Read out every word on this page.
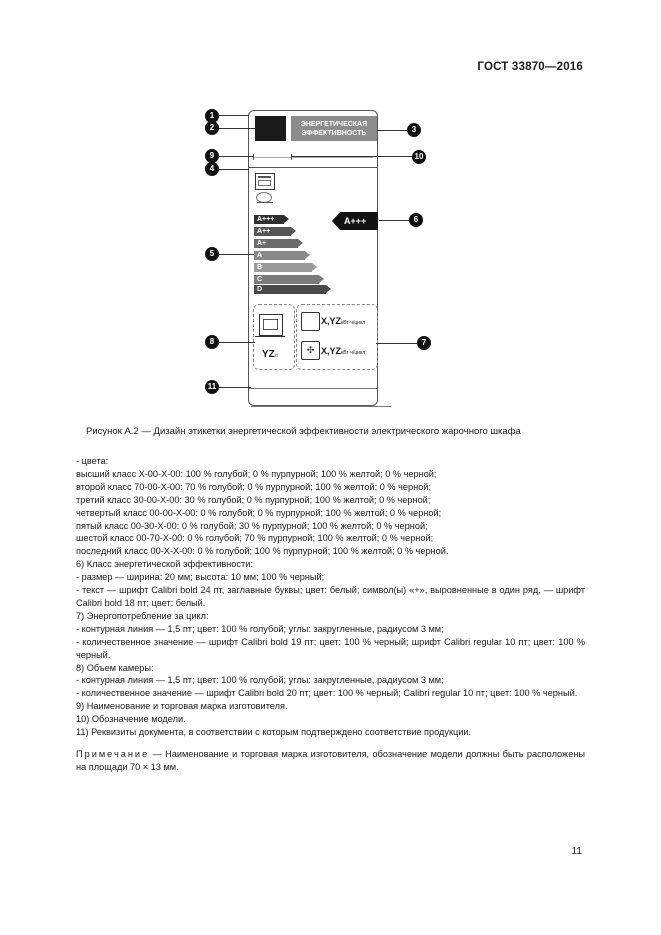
ГОСТ 33870—2016
ЭНЕРГЕТИЧЕСКАЯ
ЭФФЕКТИВНОСТЬ
A+++
A++
A+
A
B
C
D
A+++
YZл
X,YZкВт·ч/цикл
✣ X,YZкВт·ч/цикл
1
2	3
9	10
4
6
5
8	7
11
Рисунок А.2 — Дизайн этикетки энергетической эффективности электрического жарочного шкафа

- цвета:

высший класс Х-00-Х-00: 100 % голубой; 0 % пурпурной; 100 % желтой; 0 % черной;

второй класс 70-00-Х-00: 70 % голубой; 0 % пурпурной; 100 % желтой; 0 % черной;

третий класс 30-00-Х-00: 30 % голубой; 0 % пурпурной; 100 % желтой; 0 % черной;

четвертый класс 00-00-Х-00: 0 % голубой; 0 % пурпурной; 100 % желтой; 0 % черной;

пятый класс 00-30-Х-00: 0 % голубой; 30 % пурпурной; 100 % желтой; 0 % черной;

шестой класс 00-70-Х-00: 0 % голубой; 70 % пурпурной; 100 % желтой; 0 % черной;

последний класс 00-Х-Х-00: 0 % голубой; 100 % пурпурной; 100 % желтой; 0 % черной.

6) Класс энергетической эффективности:

- размер — ширина: 20 мм; высота: 10 мм; 100 % черный;

- текст — шрифт Calibri bold 24 пт, заглавные буквы; цвет: белый; символ(ы) «+», выровненные в один ряд, — шрифт Calibri bold 18 пт; цвет: белый.

7) Энергопотребление за цикл:

- контурная линия — 1,5 пт; цвет: 100 % голубой; углы: закругленные, радиусом 3 мм;

- количественное значение — шрифт Calibri bold 19 пт; цвет: 100 % черный; шрифт Calibri regular 10 пт; цвет: 100 % черный.

8) Объем камеры:

- контурная линия — 1,5 пт; цвет: 100 % голубой; углы: закругленные, радиусом 3 мм;

- количественное значение — шрифт Calibri bold 20 пт; цвет: 100 % черный; Calibri regular 10 пт; цвет: 100 % черный.

9) Наименование и торговая марка изготовителя.

10) Обозначение модели.

11) Реквизиты документа, в соответствии с которым подтверждено соответствие продукции.

Примечание — Наименование и торговая марка изготовителя, обозначение модели должны быть расположены на площади 70 × 13 мм.

11
